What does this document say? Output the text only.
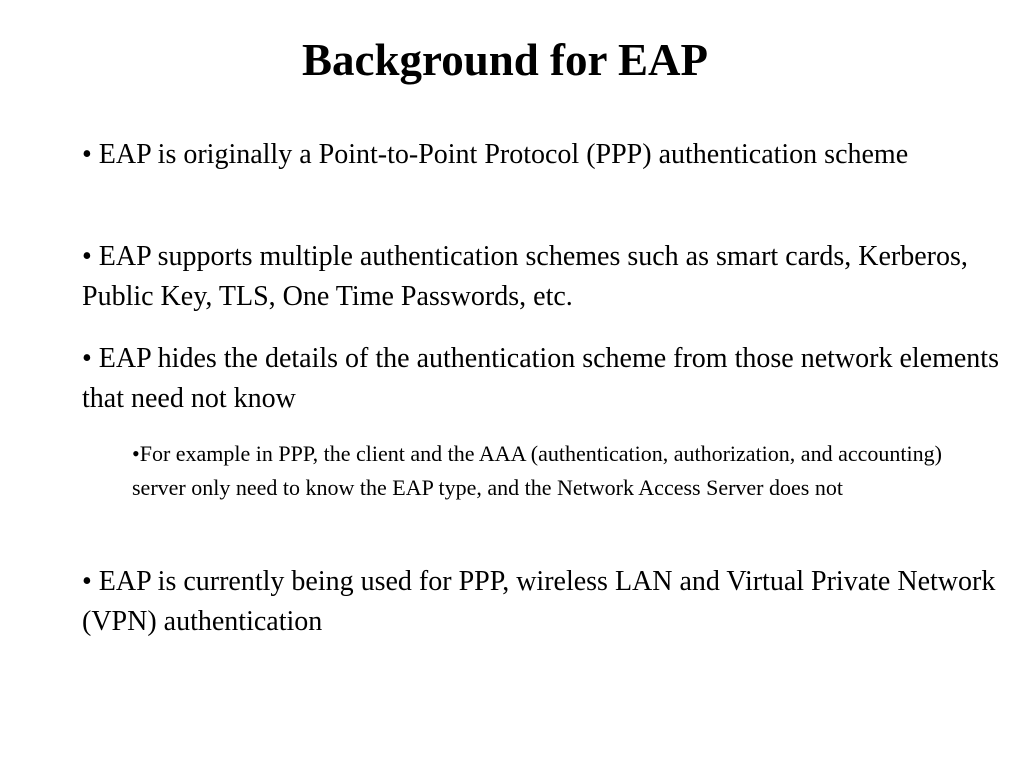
Background for EAP

• EAP is originally a Point-to-Point Protocol (PPP) authentication scheme

• EAP supports multiple authentication schemes such as smart cards, Kerberos, Public Key, TLS, One Time Passwords, etc.

• EAP hides the details of the authentication scheme from those network elements that need not know

•For example in PPP, the client and the AAA (authentication, authorization, and accounting) server only need to know the EAP type, and the Network Access Server does not

• EAP is currently being used for PPP, wireless LAN and Virtual Private Network (VPN) authentication
